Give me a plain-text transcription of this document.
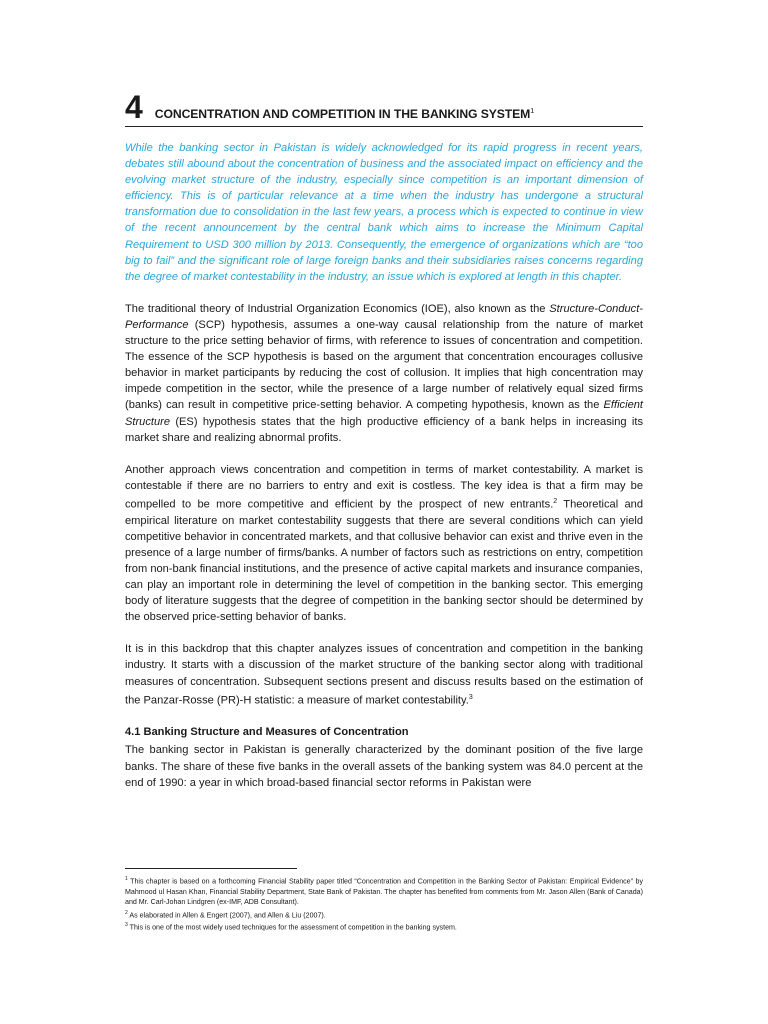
4 CONCENTRATION AND COMPETITION IN THE BANKING SYSTEM$^1$

While the banking sector in Pakistan is widely acknowledged for its rapid progress in recent years, debates still abound about the concentration of business and the associated impact on efficiency and the evolving market structure of the industry, especially since competition is an important dimension of efficiency. This is of particular relevance at a time when the industry has undergone a structural transformation due to consolidation in the last few years, a process which is expected to continue in view of the recent announcement by the central bank which aims to increase the Minimum Capital Requirement to USD 300 million by 2013. Consequently, the emergence of organizations which are “too big to fail” and the significant role of large foreign banks and their subsidiaries raises concerns regarding the degree of market contestability in the industry, an issue which is explored at length in this chapter.

The traditional theory of Industrial Organization Economics (IOE), also known as the Structure-Conduct-Performance (SCP) hypothesis, assumes a one-way causal relationship from the nature of market structure to the price setting behavior of firms, with reference to issues of concentration and competition. The essence of the SCP hypothesis is based on the argument that concentration encourages collusive behavior in market participants by reducing the cost of collusion. It implies that high concentration may impede competition in the sector, while the presence of a large number of relatively equal sized firms (banks) can result in competitive price-setting behavior. A competing hypothesis, known as the Efficient Structure (ES) hypothesis states that the high productive efficiency of a bank helps in increasing its market share and realizing abnormal profits.

Another approach views concentration and competition in terms of market contestability. A market is contestable if there are no barriers to entry and exit is costless. The key idea is that a firm may be compelled to be more competitive and efficient by the prospect of new entrants.$^2$ Theoretical and empirical literature on market contestability suggests that there are several conditions which can yield competitive behavior in concentrated markets, and that collusive behavior can exist and thrive even in the presence of a large number of firms/banks. A number of factors such as restrictions on entry, competition from non-bank financial institutions, and the presence of active capital markets and insurance companies, can play an important role in determining the level of competition in the banking sector. This emerging body of literature suggests that the degree of competition in the banking sector should be determined by the observed price-setting behavior of banks.

It is in this backdrop that this chapter analyzes issues of concentration and competition in the banking industry. It starts with a discussion of the market structure of the banking sector along with traditional measures of concentration. Subsequent sections present and discuss results based on the estimation of the Panzar-Rosse (PR)-H statistic: a measure of market contestability.$^3$

4.1 Banking Structure and Measures of Concentration

The banking sector in Pakistan is generally characterized by the dominant position of the five large banks. The share of these five banks in the overall assets of the banking system was 84.0 percent at the end of 1990: a year in which broad-based financial sector reforms in Pakistan were

$^1$ This chapter is based on a forthcoming Financial Stability paper titled “Concentration and Competition in the Banking Sector of Pakistan: Empirical Evidence” by Mahmood ul Hasan Khan, Financial Stability Department, State Bank of Pakistan. The chapter has benefited from comments from Mr. Jason Allen (Bank of Canada) and Mr. Carl-Johan Lindgren (ex-IMF, ADB Consultant).

$^2$ As elaborated in Allen & Engert (2007), and Allen & Liu (2007).

$^3$ This is one of the most widely used techniques for the assessment of competition in the banking system.
